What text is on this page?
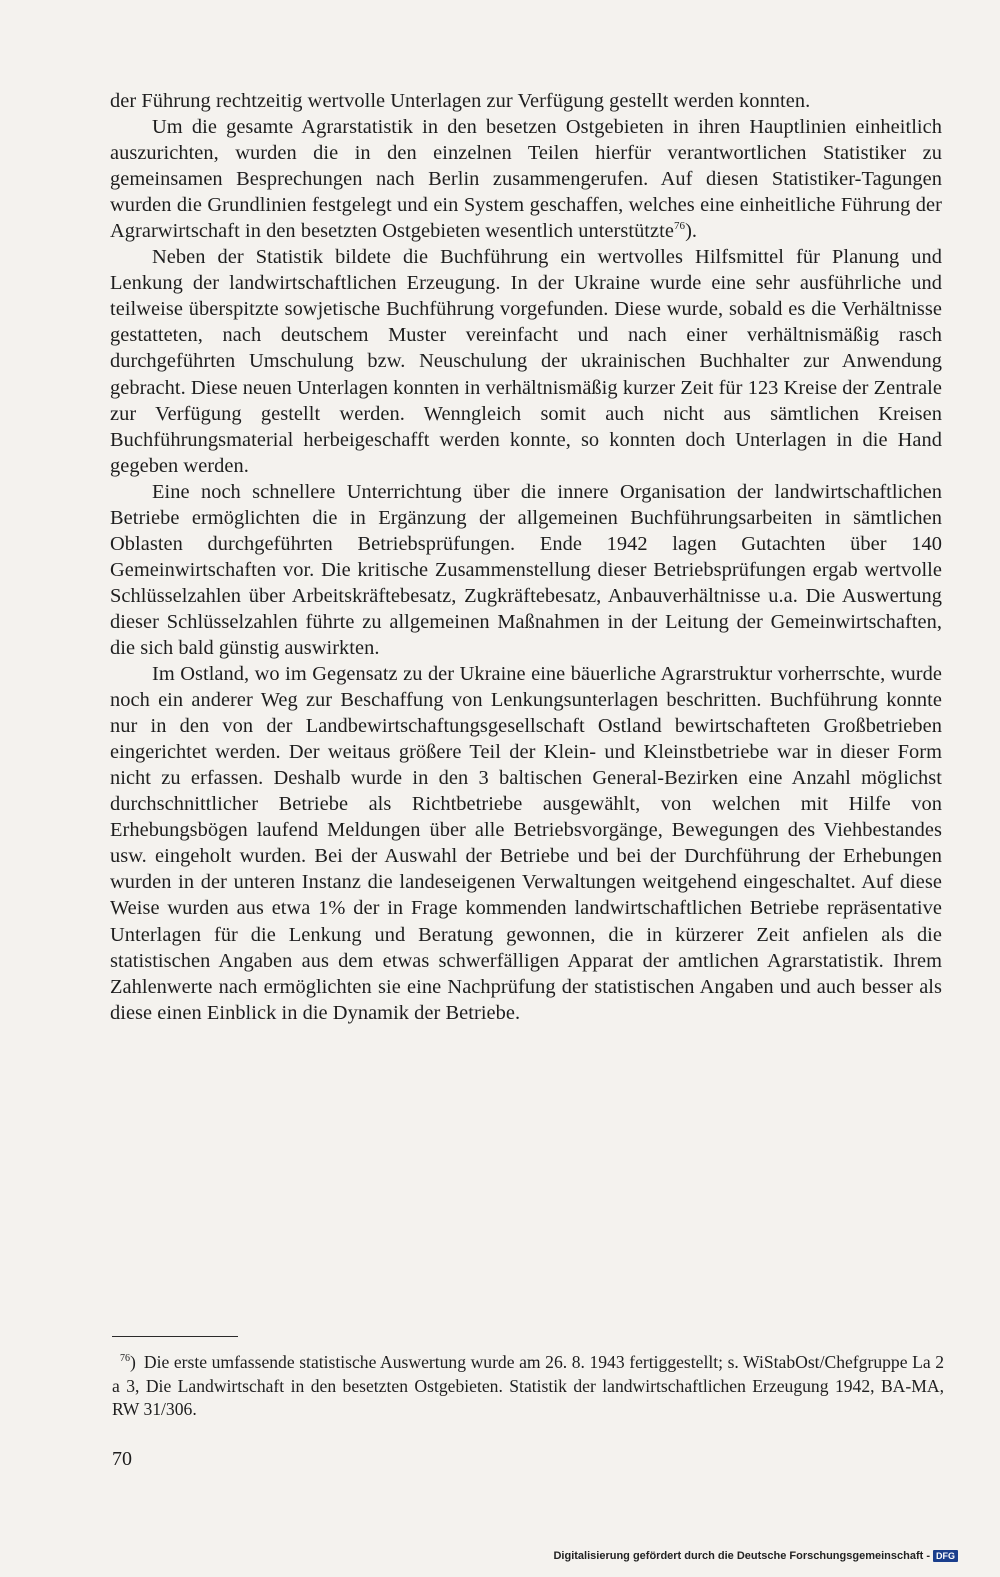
der Führung rechtzeitig wertvolle Unterlagen zur Verfügung gestellt werden konnten.

Um die gesamte Agrarstatistik in den besetzen Ostgebieten in ihren Hauptlinien einheitlich auszurichten, wurden die in den einzelnen Teilen hierfür verantwortlichen Statistiker zu gemeinsamen Besprechungen nach Berlin zusammengerufen. Auf diesen Statistiker-Tagungen wurden die Grundlinien festgelegt und ein System geschaffen, welches eine einheitliche Führung der Agrarwirtschaft in den besetzten Ostgebieten wesentlich unterstützte$^{76}$).

Neben der Statistik bildete die Buchführung ein wertvolles Hilfsmittel für Planung und Lenkung der landwirtschaftlichen Erzeugung. In der Ukraine wurde eine sehr ausführliche und teilweise überspitzte sowjetische Buchführung vorgefunden. Diese wurde, sobald es die Verhältnisse gestatteten, nach deutschem Muster vereinfacht und nach einer verhältnismäßig rasch durchgeführten Umschulung bzw. Neuschulung der ukrainischen Buchhalter zur Anwendung gebracht. Diese neuen Unterlagen konnten in verhältnismäßig kurzer Zeit für 123 Kreise der Zentrale zur Verfügung gestellt werden. Wenngleich somit auch nicht aus sämtlichen Kreisen Buchführungsmaterial herbeigeschafft werden konnte, so konnten doch Unterlagen in die Hand gegeben werden.

Eine noch schnellere Unterrichtung über die innere Organisation der landwirtschaftlichen Betriebe ermöglichten die in Ergänzung der allgemeinen Buchführungsarbeiten in sämtlichen Oblasten durchgeführten Betriebsprüfungen. Ende 1942 lagen Gutachten über 140 Gemeinwirtschaften vor. Die kritische Zusammenstellung dieser Betriebsprüfungen ergab wertvolle Schlüsselzahlen über Arbeitskräftebesatz, Zugkräftebesatz, Anbauverhältnisse u.a. Die Auswertung dieser Schlüsselzahlen führte zu allgemeinen Maßnahmen in der Leitung der Gemeinwirtschaften, die sich bald günstig auswirkten.

Im Ostland, wo im Gegensatz zu der Ukraine eine bäuerliche Agrarstruktur vorherrschte, wurde noch ein anderer Weg zur Beschaffung von Lenkungsunterlagen beschritten. Buchführung konnte nur in den von der Landbewirtschaftungsgesellschaft Ostland bewirtschafteten Großbetrieben eingerichtet werden. Der weitaus größere Teil der Klein- und Kleinstbetriebe war in dieser Form nicht zu erfassen. Deshalb wurde in den 3 baltischen General-Bezirken eine Anzahl möglichst durchschnittlicher Betriebe als Richtbetriebe ausgewählt, von welchen mit Hilfe von Erhebungsbögen laufend Meldungen über alle Betriebsvorgänge, Bewegungen des Viehbestandes usw. eingeholt wurden. Bei der Auswahl der Betriebe und bei der Durchführung der Erhebungen wurden in der unteren Instanz die landeseigenen Verwaltungen weitgehend eingeschaltet. Auf diese Weise wurden aus etwa 1% der in Frage kommenden landwirtschaftlichen Betriebe repräsentative Unterlagen für die Lenkung und Beratung gewonnen, die in kürzerer Zeit anfielen als die statistischen Angaben aus dem etwas schwerfälligen Apparat der amtlichen Agrarstatistik. Ihrem Zahlenwerte nach ermöglichten sie eine Nachprüfung der statistischen Angaben und auch besser als diese einen Einblick in die Dynamik der Betriebe.

$^{76}$) Die erste umfassende statistische Auswertung wurde am 26. 8. 1943 fertiggestellt; s. WiStabOst/Chefgruppe La 2 a 3, Die Landwirtschaft in den besetzten Ostgebieten. Statistik der landwirtschaftlichen Erzeugung 1942, BA-MA, RW 31/306.
70
Digitalisierung gefördert durch die Deutsche Forschungsgemeinschaft - DFG
